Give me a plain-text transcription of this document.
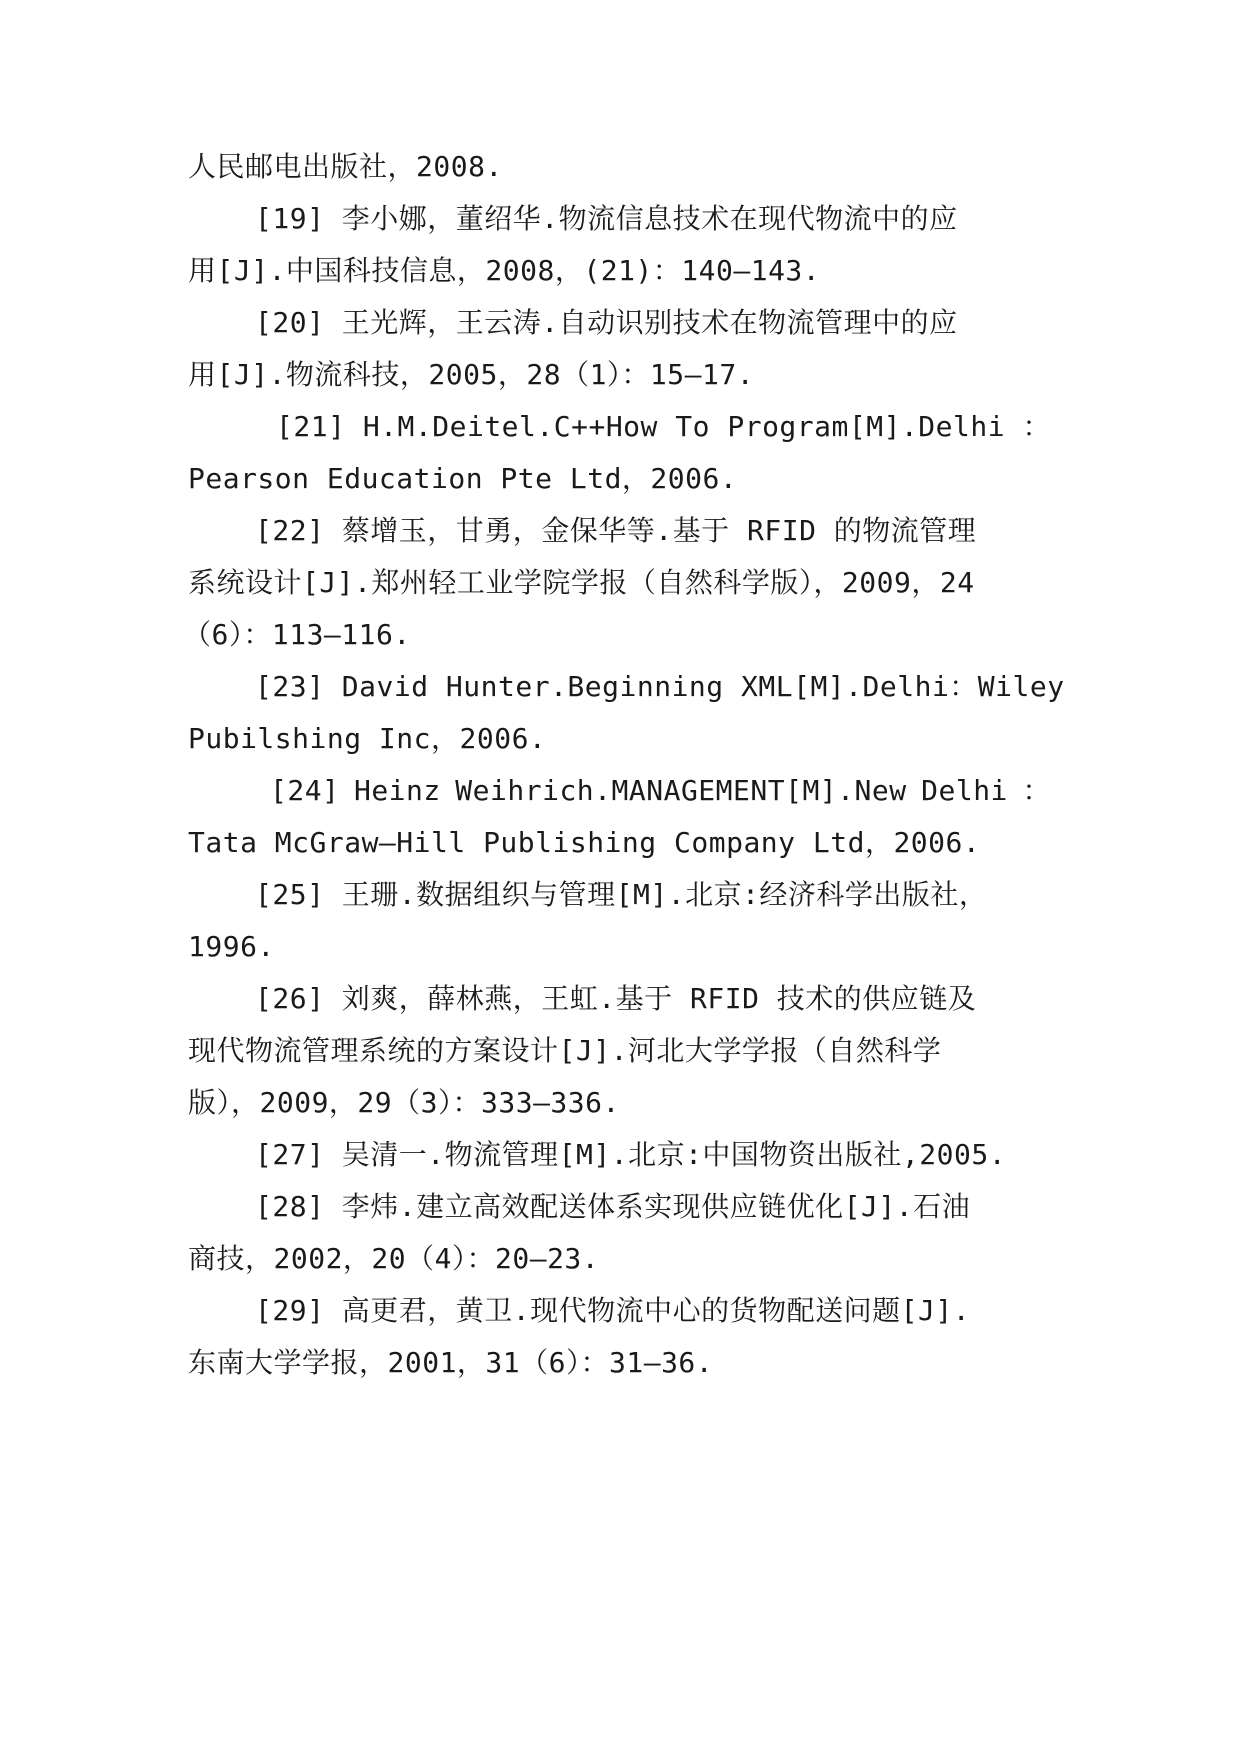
人民邮电出版社，2008.
[19] 李小娜，董绍华.物流信息技术在现代物流中的应
用[J].中国科技信息，2008，(21)：140—143.
[20] 王光辉，王云涛.自动识别技术在物流管理中的应
用[J].物流科技，2005，28（1）：15—17.
[21] H.M.Deitel.C++How To Program[M].Delhi ：
Pearson Education Pte Ltd，2006.
[22] 蔡增玉，甘勇，金保华等.基于 RFID 的物流管理
系统设计[J].郑州轻工业学院学报（自然科学版），2009，24
（6）：113—116.
[23] David Hunter.Beginning XML[M].Delhi：Wiley
Pubilshing Inc，2006.
[24] Heinz Weihrich.MANAGEMENT[M].New Delhi ：
Tata McGraw—Hill Publishing Company Ltd，2006.
[25] 王珊.数据组织与管理[M].北京:经济科学出版社，
1996.
[26] 刘爽，薛林燕，王虹.基于 RFID 技术的供应链及
现代物流管理系统的方案设计[J].河北大学学报（自然科学
版），2009，29（3）：333—336.
[27] 吴清一.物流管理[M].北京:中国物资出版社,2005.
[28] 李炜.建立高效配送体系实现供应链优化[J].石油
商技，2002，20（4）：20—23.
[29] 高更君，黄卫.现代物流中心的货物配送问题[J].
东南大学学报，2001，31（6）：31—36.
